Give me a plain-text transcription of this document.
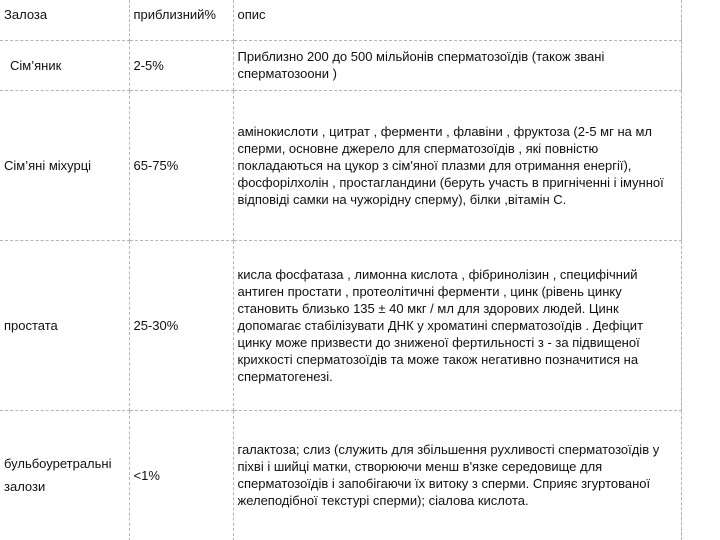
Залоза	приблизний%	опис

Сім’яник	2-5%	Приблизно 200 до 500 мільйонів сперматозоїдів (також звані сперматозоони )
Сім’яні міхурці	65-75%	амінокислоти , цитрат , ферменти , флавіни , фруктоза (2-5 мг на мл сперми, основне джерело для сперматозоїдів , які повністю покладаються на цукор з сім'яної плазми для отримання енергії), фосфорілхолін , простагландини (беруть участь в пригніченні і імунної відповіді самки на чужорідну сперму), білки ,вітамін С.
простата	25-30%	кисла фосфатаза , лимонна кислота , фібринолізин , специфічний антиген простати , протеолітичні ферменти , цинк (рівень цинку становить близько 135 ± 40 мкг / мл для здорових людей. Цинк допомагає стабілізувати ДНК у хроматині сперматозоїдів . Дефіцит цинку може призвести до зниженої фертильності з - за підвищеної крихкості сперматозоїдів та може також негативно позначитися на сперматогенезі.
бульбоуретральні залози	<1%	галактоза; слиз (служить для збільшення рухливості сперматозоїдів у піхві і шийці матки, створюючи менш в'язке середовище для сперматозоїдів і запобігаючи їх витоку з сперми. Сприяє згуртованої желеподібної текстурі сперми); сіалова кислота.
